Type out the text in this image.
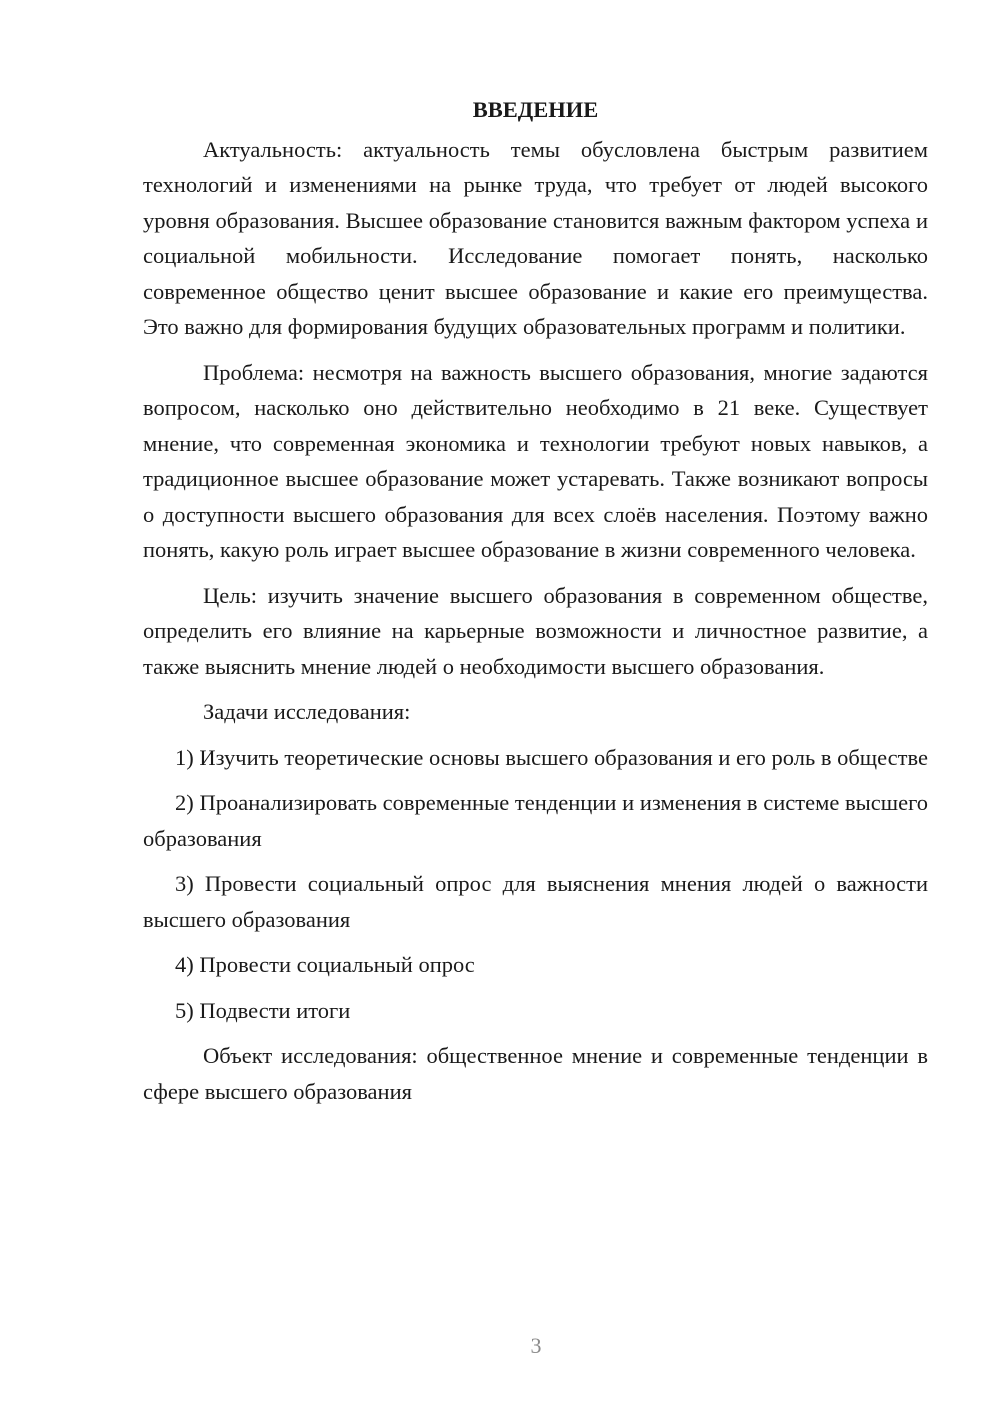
ВВЕДЕНИЕ

Актуальность: актуальность темы обусловлена быстрым развитием технологий и изменениями на рынке труда, что требует от людей высокого уровня образования. Высшее образование становится важным фактором успеха и социальной мобильности. Исследование помогает понять, насколько современное общество ценит высшее образование и какие его преимущества. Это важно для формирования будущих образовательных программ и политики.

Проблема: несмотря на важность высшего образования, многие задаются вопросом, насколько оно действительно необходимо в 21 веке. Существует мнение, что современная экономика и технологии требуют новых навыков, а традиционное высшее образование может устаревать. Также возникают вопросы о доступности высшего образования для всех слоёв населения. Поэтому важно понять, какую роль играет высшее образование в жизни современного человека.

Цель: изучить значение высшего образования в современном обществе, определить его влияние на карьерные возможности и личностное развитие, а также выяснить мнение людей о необходимости высшего образования.

Задачи исследования:

1) Изучить теоретические основы высшего образования и его роль в обществе

2) Проанализировать современные тенденции и изменения в системе высшего образования

3) Провести социальный опрос для выяснения мнения людей о важности высшего образования

4) Провести социальный опрос

5) Подвести итоги

Объект исследования: общественное мнение и современные тенденции в сфере высшего образования

3
